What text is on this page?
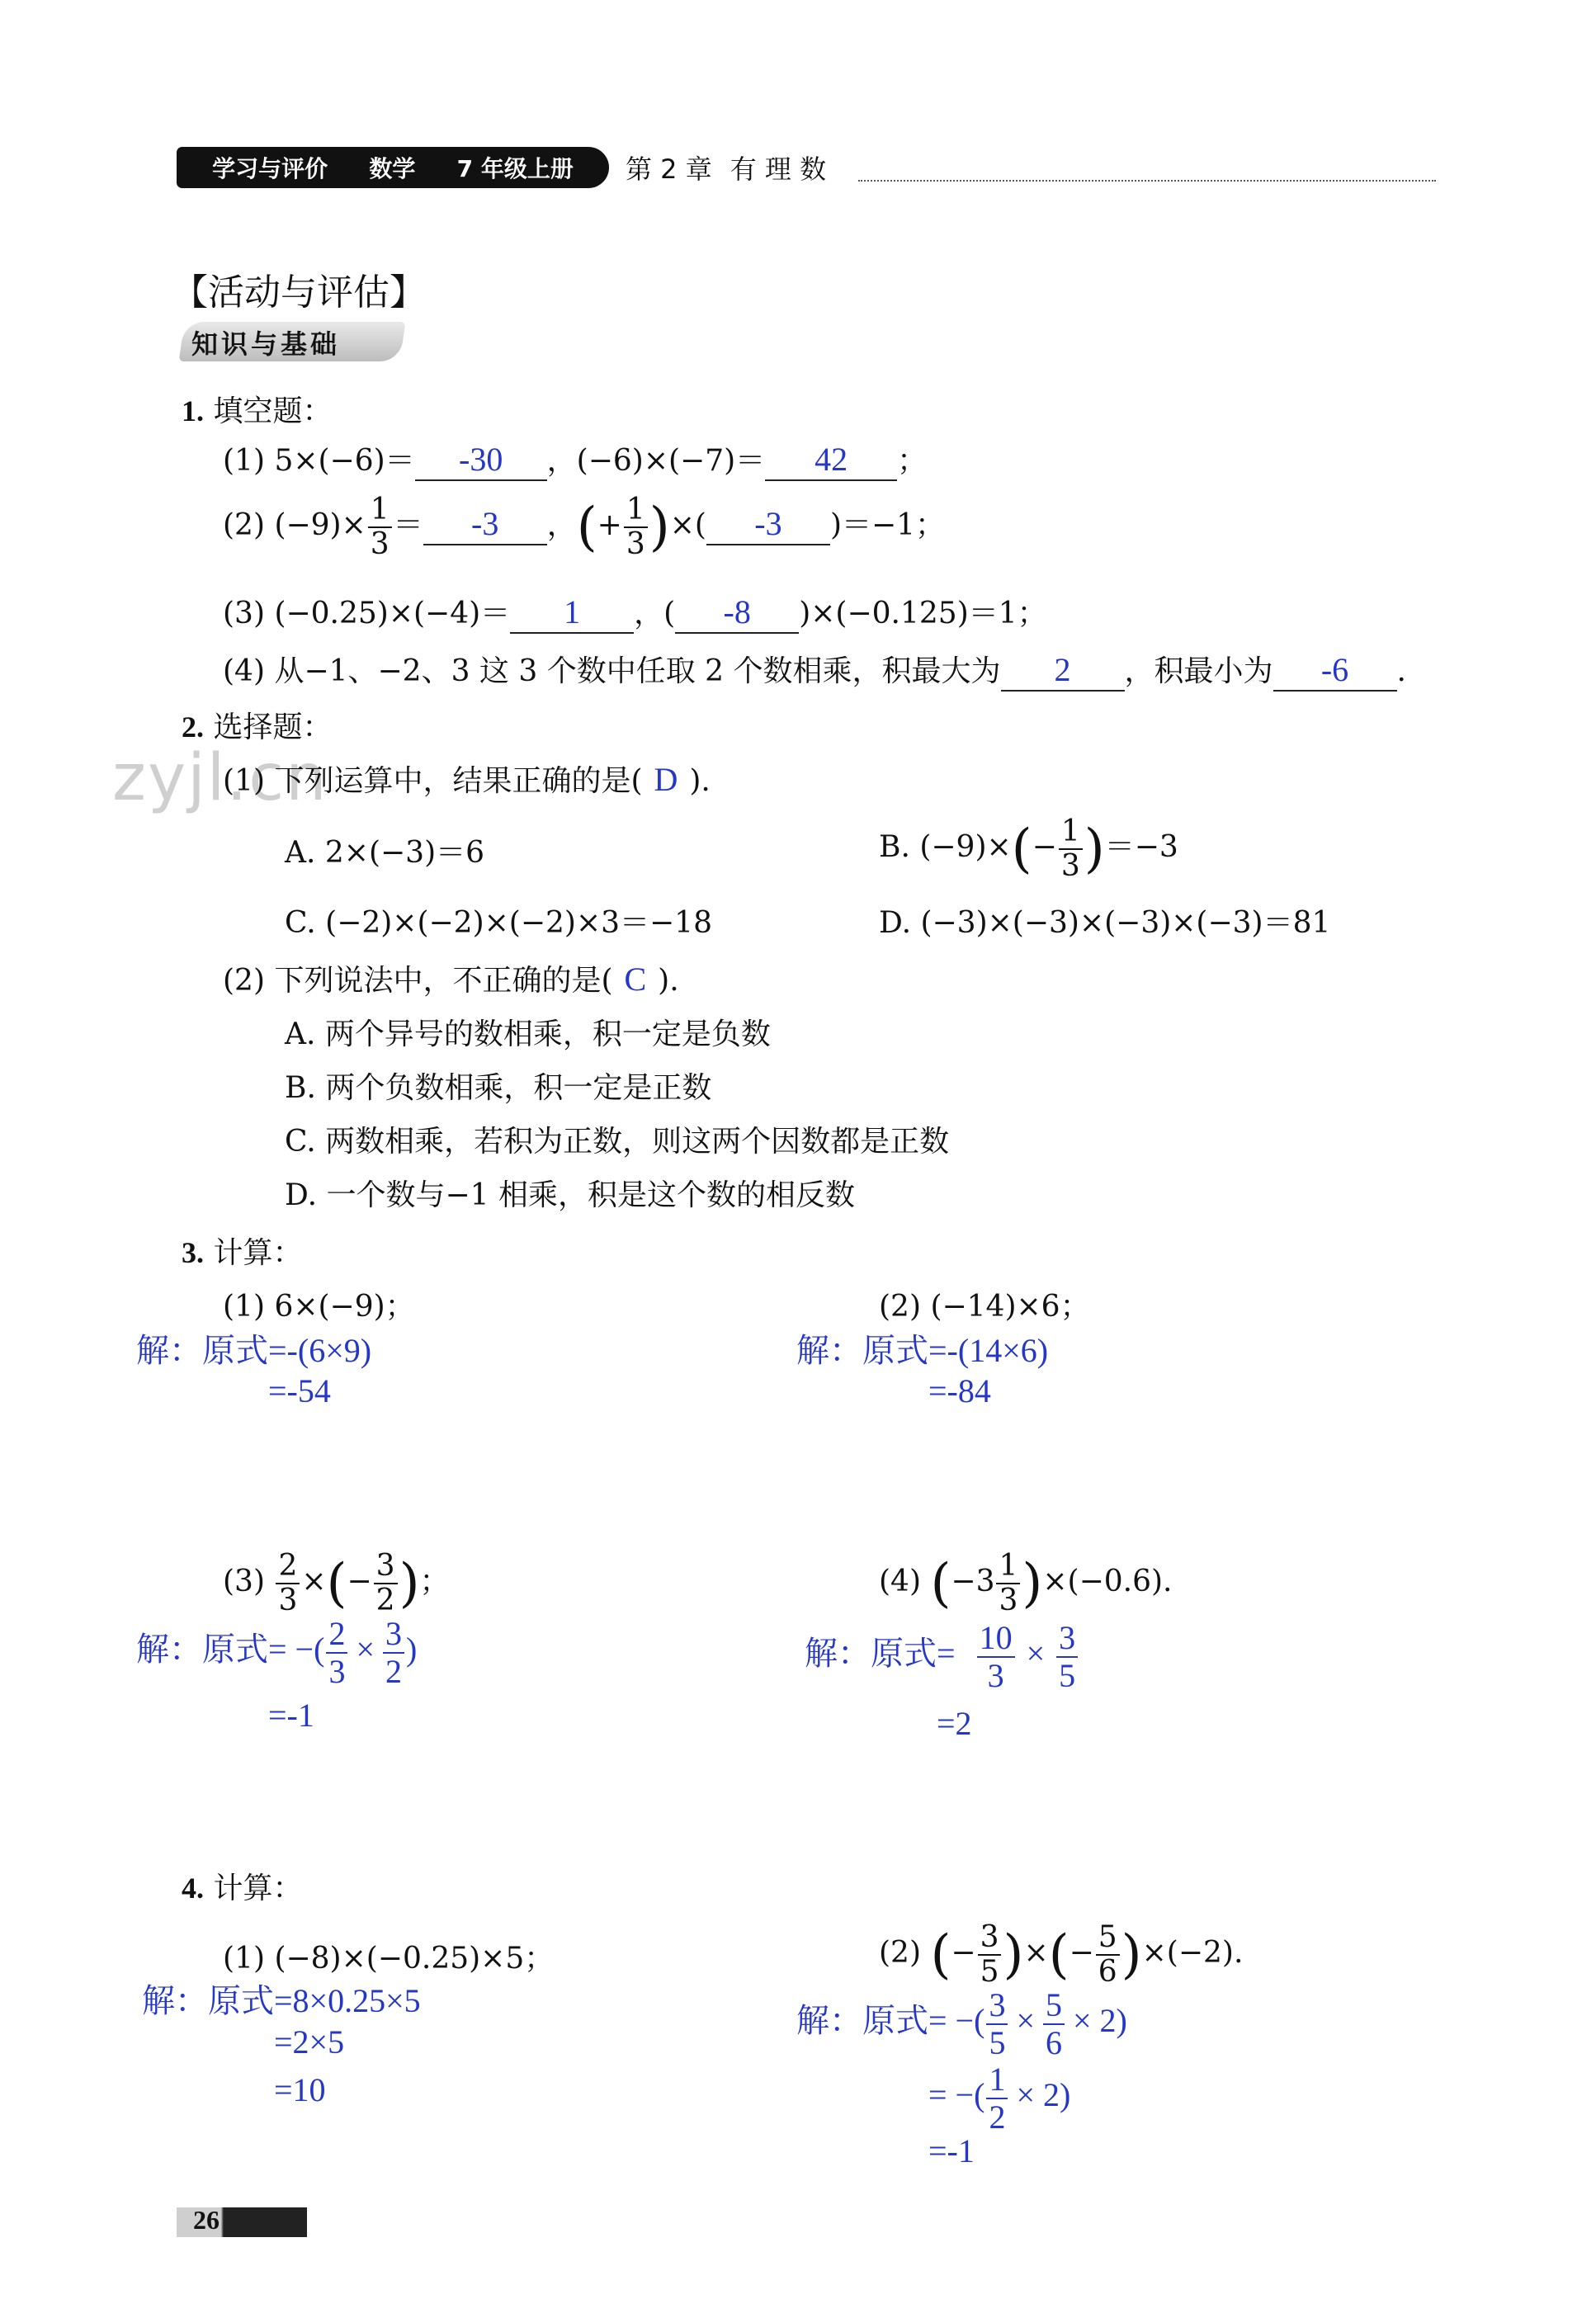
学习与评价 数学 7 年级上册 第 2 章 有 理 数
【活动与评估】
知识与基础
zyjl.cn
1. 填空题：
(1) 5×(−6)＝ -30 ，(−6)×(−7)＝ 42 ；
(2) $(-9)\times \frac{1}{3} = -3$ ，(+ $\frac{1}{3}$ )×( -3 )＝−1；
(3) (−0.25)×(−4)＝ 1 ，( -8 )×(−0.125)＝1；
(4) 从−1、−2、3 这 3 个数中任取 2 个数相乘，积最大为 2 ，积最小为 -6 .
2. 选择题：
(1) 下列运算中，结果正确的是( D ).
A. 2×(−3)＝6	B. $(-9)\times(- \frac{1}{3} )=-3$
C. (−2)×(−2)×(−2)×3＝−18	D. (−3)×(−3)×(−3)×(−3)＝81
(2) 下列说法中，不正确的是( C ).
A. 两个异号的数相乘，积一定是负数
B. 两个负数相乘，积一定是正数
C. 两数相乘，若积为正数，则这两个因数都是正数
D. 一个数与−1 相乘，积是这个数的相反数
3. 计算：
(1) 6×(−9)；
解：原式=-(6×9)
=-54
(2) (−14)×6；
解：原式=-(14×6)
=-84
$(3) \frac{2}{3}$ ×(− $\frac{3}{2}$ )；
解：原式= −( $\frac{2}{3} \times \frac{3}{2}$ )
=-1
(4) $(-3 \frac{1}{3} )\times(-0.6)$.
解：原式= $\frac{10}{3} \times \frac{3}{5}$
=2
4. 计算：
(1) (−8)×(−0.25)×5；
解：原式=8×0.25×5
=2×5
=10
(2) (− $\frac{3}{5}$ )×(− $\frac{5}{6} )\times(-2)$.
解：原式= −( $\frac{3}{5} \times \frac{5}{6} \times 2$)
= −( $\frac{1}{2} \times 2$)
=-1
26
